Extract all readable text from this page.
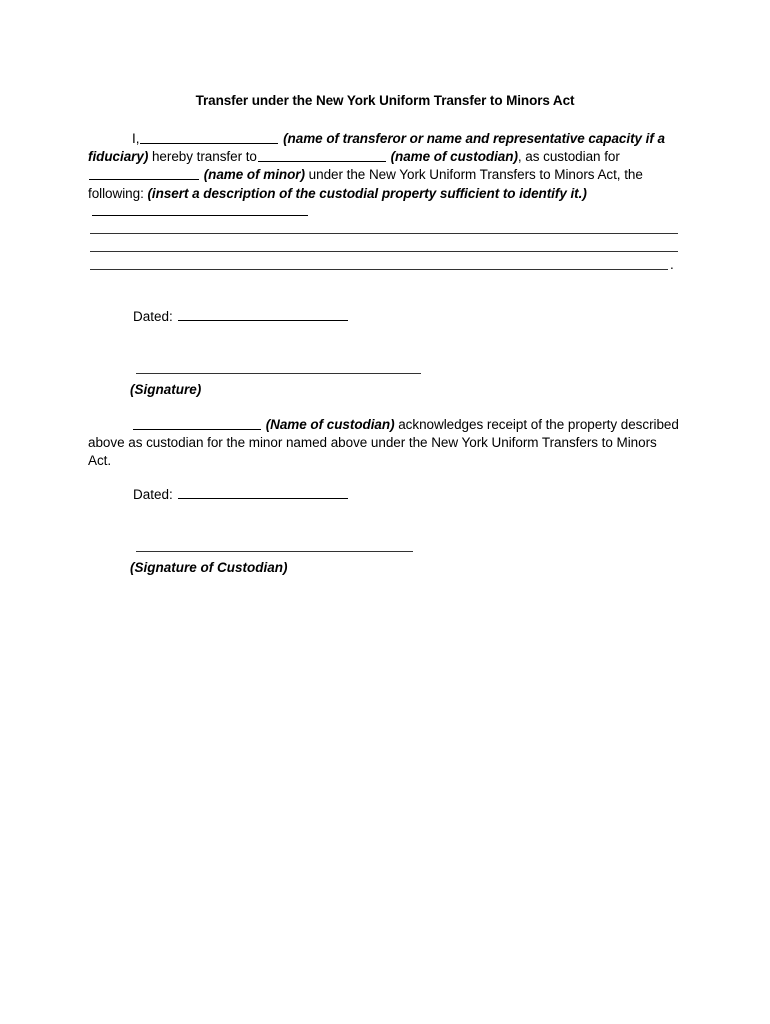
Transfer under the New York Uniform Transfer to Minors Act
I,	(name of transferor or name and representative capacity if a fiduciary) hereby transfer to	(name of custodian), as custodian for (name of minor) under the New York Uniform Transfers to Minors Act, the following: (insert a description of the custodial property sufficient to identify it.)
.
Dated:
(Signature)
(Name of custodian) acknowledges receipt of the property described above as custodian for the minor named above under the New York Uniform Transfers to Minors Act.
Dated:
(Signature of Custodian)
